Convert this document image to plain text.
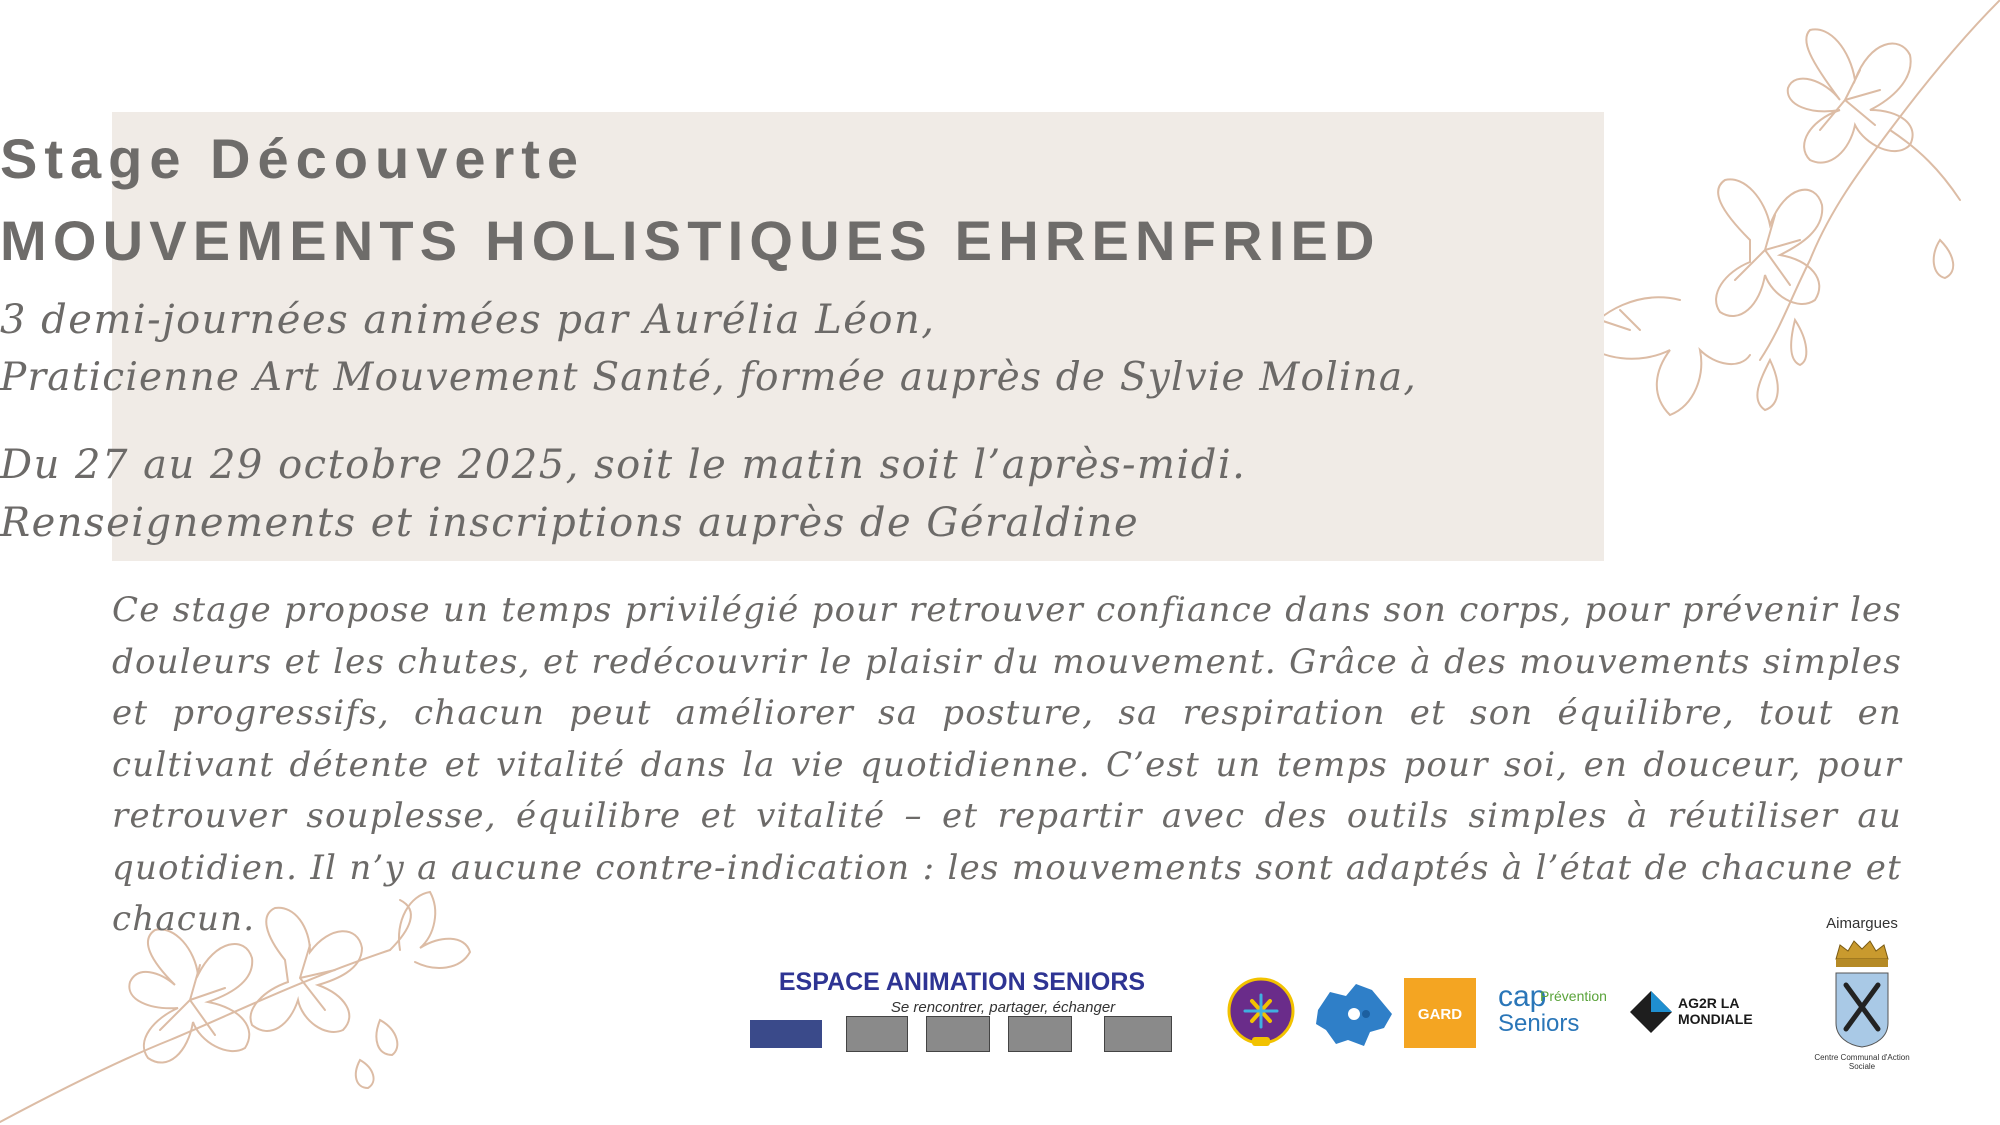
Stage Découverte
MOUVEMENTS HOLISTIQUES EHRENFRIED
3 demi-journées animées par Aurélia Léon,
Praticienne Art Mouvement Santé, formée auprès de Sylvie Molina,
Du 27 au 29 octobre 2025, soit le matin soit l’après-midi.
Renseignements et inscriptions auprès de Géraldine

Ce stage propose un temps privilégié pour retrouver confiance dans son corps, pour prévenir les douleurs et les chutes, et redécouvrir le plaisir du mouvement. Grâce à des mouvements simples et progressifs, chacun peut améliorer sa posture, sa respiration et son équilibre, tout en cultivant détente et vitalité dans la vie quotidienne. C’est un temps pour soi, en douceur, pour retrouver souplesse, équilibre et vitalité – et repartir avec des outils simples à réutiliser au quotidien. Il n’y a aucune contre-indication : les mouvements sont adaptés à l’état de chacune et chacun.

ESPACE ANIMATION SENIORS
Se rencontrer, partager, échanger	GARD
cap
Prévention
Seniors
AG2R LA MONDIALE
Aimargues
Centre Communal d'Action Sociale
